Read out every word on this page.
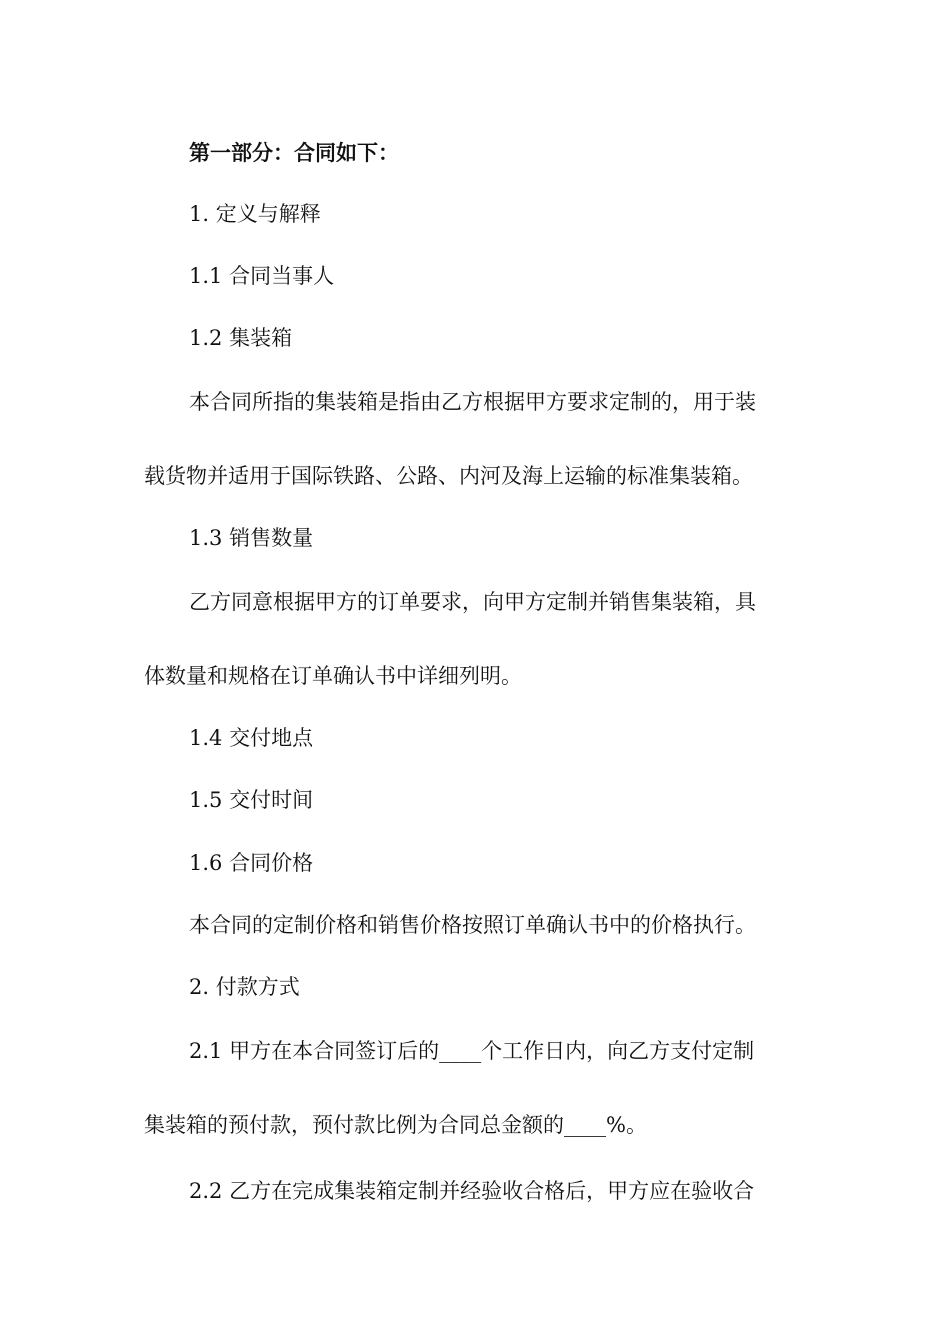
第一部分：合同如下：

1. 定义与解释

1.1 合同当事人

1.2 集装箱

本合同所指的集装箱是指由乙方根据甲方要求定制的，用于装

载货物并适用于国际铁路、公路、内河及海上运输的标准集装箱。

1.3 销售数量

乙方同意根据甲方的订单要求，向甲方定制并销售集装箱，具

体数量和规格在订单确认书中详细列明。

1.4 交付地点

1.5 交付时间

1.6 合同价格

本合同的定制价格和销售价格按照订单确认书中的价格执行。

2. 付款方式

2.1 甲方在本合同签订后的____个工作日内，向乙方支付定制

集装箱的预付款，预付款比例为合同总金额的____%。

2.2 乙方在完成集装箱定制并经验收合格后，甲方应在验收合
